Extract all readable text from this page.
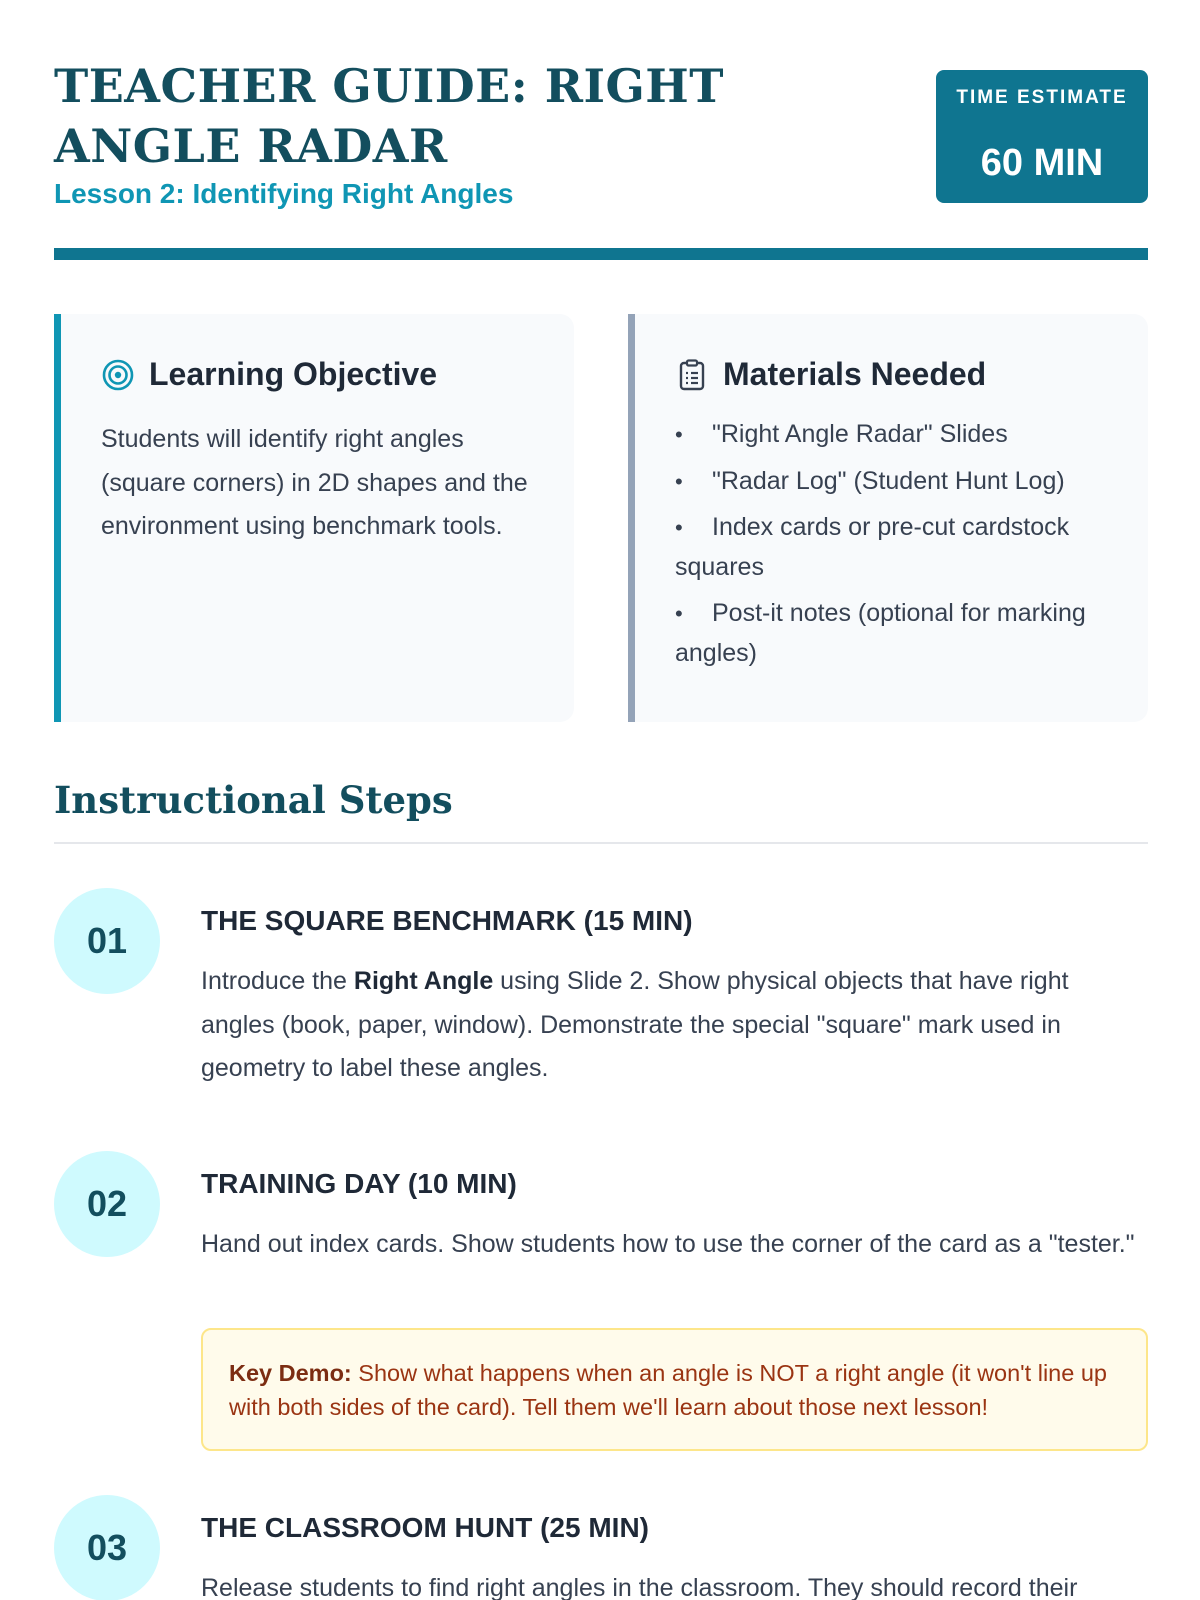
TEACHER GUIDE: RIGHT ANGLE RADAR
Lesson 2: Identifying Right Angles
TIME ESTIMATE
60 MIN
Learning Objective

Students will identify right angles (square corners) in 2D shapes and the environment using benchmark tools.

Materials Needed
• "Right Angle Radar" Slides
• "Radar Log" (Student Hunt Log)
• Index cards or pre-cut cardstock squares
• Post-it notes (optional for marking angles)
Instructional Steps
01	THE SQUARE BENCHMARK (15 MIN)

Introduce the Right Angle using Slide 2. Show physical objects that have right angles (book, paper, window). Demonstrate the special "square" mark used in geometry to label these angles.

02	TRAINING DAY (10 MIN)

Hand out index cards. Show students how to use the corner of the card as a "tester."

Key Demo: Show what happens when an angle is NOT a right angle (it won't line up with both sides of the card). Tell them we'll learn about those next lesson!
03	THE CLASSROOM HUNT (25 MIN)

Release students to find right angles in the classroom. They should record their
